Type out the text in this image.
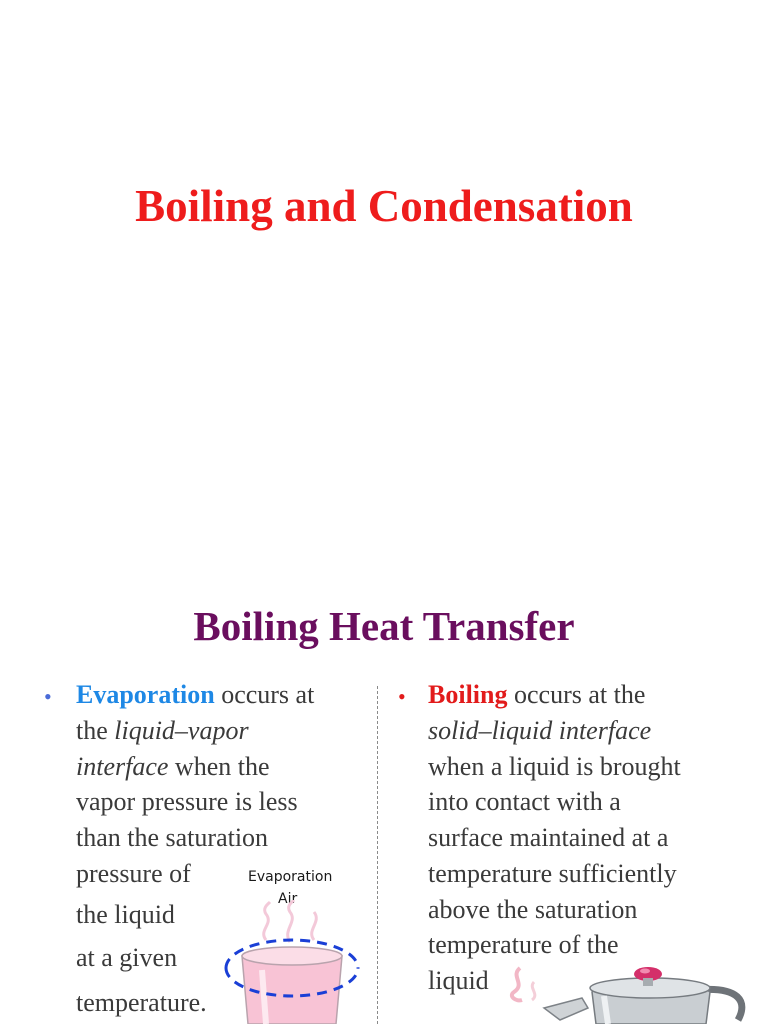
Boiling and Condensation
Boiling Heat Transfer
• Evaporation occurs at
the liquid–vapor
interface when the
vapor pressure is less
than the saturation
pressure of
the liquid
at a given
temperature.
Evaporation
Air
• Boiling occurs at the
solid–liquid interface
when a liquid is brought
into contact with a
surface maintained at a
temperature sufficiently
above the saturation
temperature of the
liquid
